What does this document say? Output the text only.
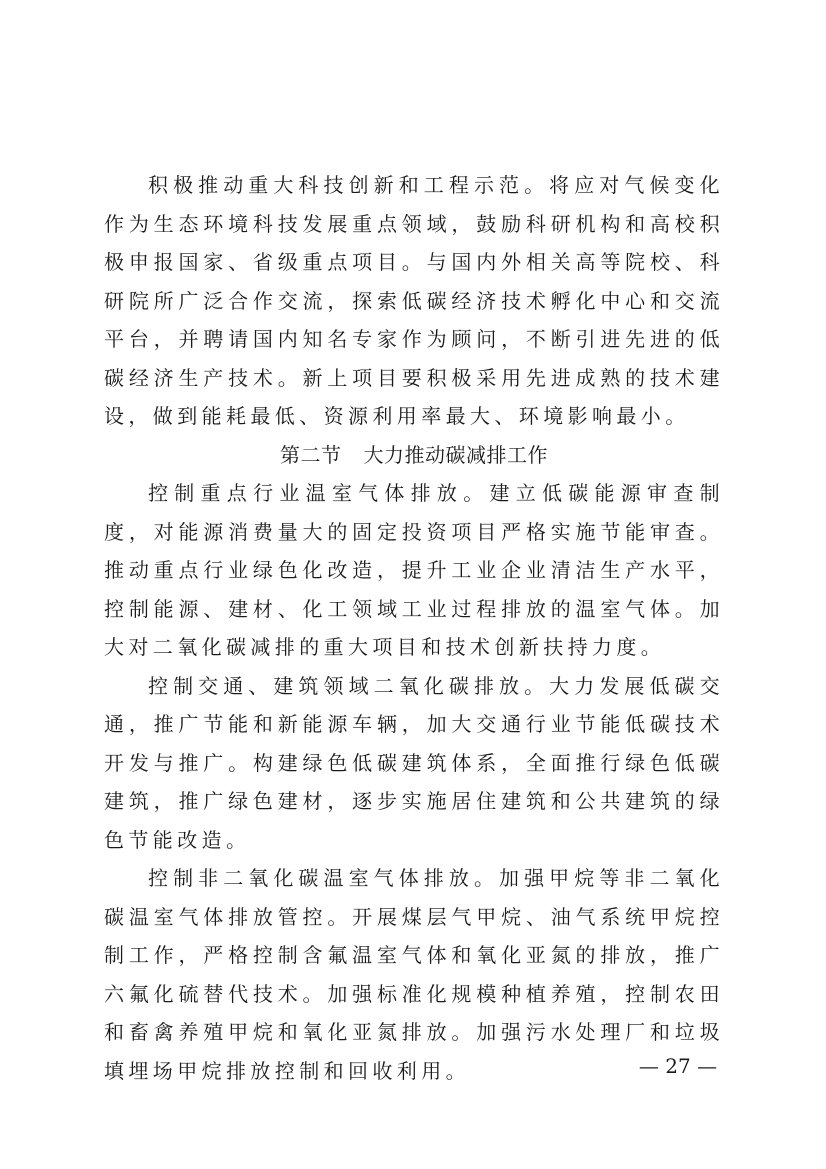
积极推动重大科技创新和工程示范。将应对气候变化作为生态环境科技发展重点领域，鼓励科研机构和高校积极申报国家、省级重点项目。与国内外相关高等院校、科研院所广泛合作交流，探索低碳经济技术孵化中心和交流平台，并聘请国内知名专家作为顾问，不断引进先进的低碳经济生产技术。新上项目要积极采用先进成熟的技术建设，做到能耗最低、资源利用率最大、环境影响最小。

第二节 大力推动碳减排工作

控制重点行业温室气体排放。建立低碳能源审查制度，对能源消费量大的固定投资项目严格实施节能审查。推动重点行业绿色化改造，提升工业企业清洁生产水平，控制能源、建材、化工领域工业过程排放的温室气体。加大对二氧化碳减排的重大项目和技术创新扶持力度。

控制交通、建筑领域二氧化碳排放。大力发展低碳交通，推广节能和新能源车辆，加大交通行业节能低碳技术开发与推广。构建绿色低碳建筑体系，全面推行绿色低碳建筑，推广绿色建材，逐步实施居住建筑和公共建筑的绿色节能改造。

控制非二氧化碳温室气体排放。加强甲烷等非二氧化碳温室气体排放管控。开展煤层气甲烷、油气系统甲烷控制工作，严格控制含氟温室气体和氧化亚氮的排放，推广六氟化硫替代技术。加强标准化规模种植养殖，控制农田和畜禽养殖甲烷和氧化亚氮排放。加强污水处理厂和垃圾填埋场甲烷排放控制和回收利用。	— 27 —
